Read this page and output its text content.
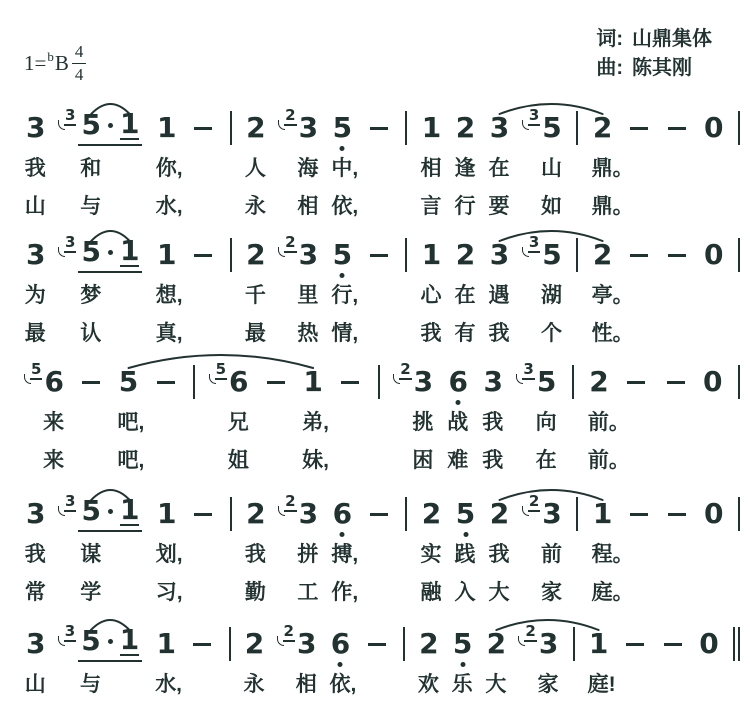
1= b B $\frac{4}{4}$
词: 山鼎集体
曲: 陈其刚
3 3 5 1 1 2 2 3 5 1 2 3 3 5 2	0
我 和	你,	人 海 中,	相 逢 在 山 鼎。
山 与	水,	永 相 依,	言 行 要 如 鼎。
3 3 5 1 1 2 2 3 5 1 2 3 3 5 2	0
为 梦	想,	千 里 行,	心 在 遇 湖 亭。
最 认	真,	最 热 情,	我 有 我 个 性。
5 6 5	5 6 1	2 3 6 3 3 5 2	0
来	吧,	兄	弟,	挑 战 我 向 前。
来	吧,	姐	妹,	困 难 我 在 前。
3 3 5 1 1 2 2 3 6 2 5 2 2 3 1	0
我 谋	划,	我 拼 搏,	实 践 我 前 程。
常 学	习,	勤 工 作,	融 入 大 家 庭。
3 3 5 1 1 2 2 3 6 2 5 2 2 3 1	0
山 与	水,	永 相 依,	欢 乐 大 家 庭!
